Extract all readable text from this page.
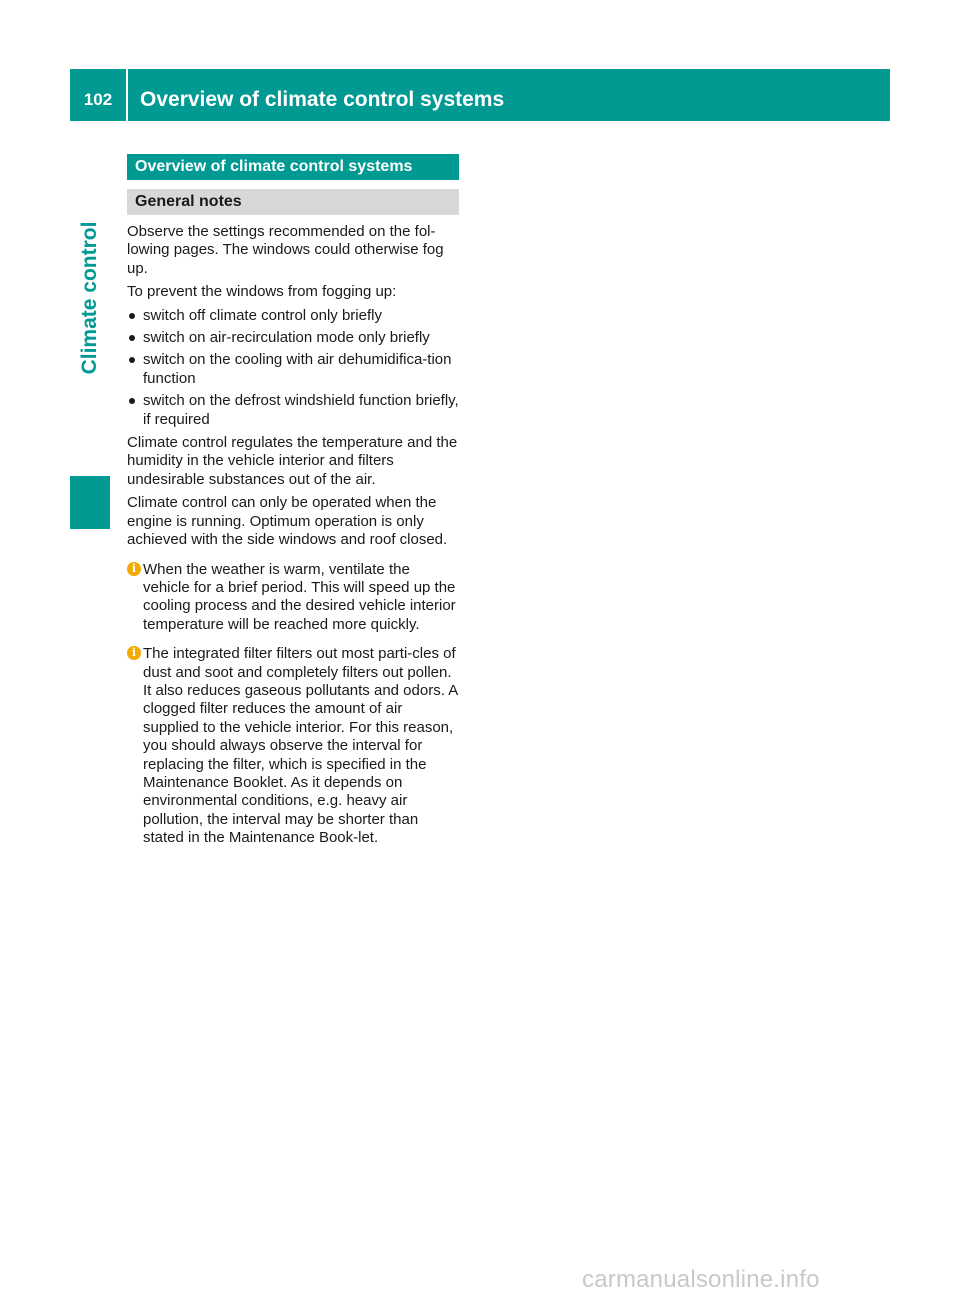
102	Overview of climate control systems
Climate control
Overview of climate control systems
General notes

Observe the settings recommended on the fol-lowing pages. The windows could otherwise fog up.

To prevent the windows from fogging up:

switch off climate control only briefly
switch on air-recirculation mode only briefly
switch on the cooling with air dehumidifica-tion function
switch on the defrost windshield function briefly, if required

Climate control regulates the temperature and the humidity in the vehicle interior and filters undesirable substances out of the air.

Climate control can only be operated when the engine is running. Optimum operation is only achieved with the side windows and roof closed.

i When the weather is warm, ventilate the vehicle for a brief period. This will speed up the cooling process and the desired vehicle interior temperature will be reached more quickly.
i The integrated filter filters out most parti-cles of dust and soot and completely filters out pollen. It also reduces gaseous pollutants and odors. A clogged filter reduces the amount of air supplied to the vehicle interior. For this reason, you should always observe the interval for replacing the filter, which is specified in the Maintenance Booklet. As it depends on environmental conditions, e.g. heavy air pollution, the interval may be shorter than stated in the Maintenance Book-let.
carmanualsonline.info
